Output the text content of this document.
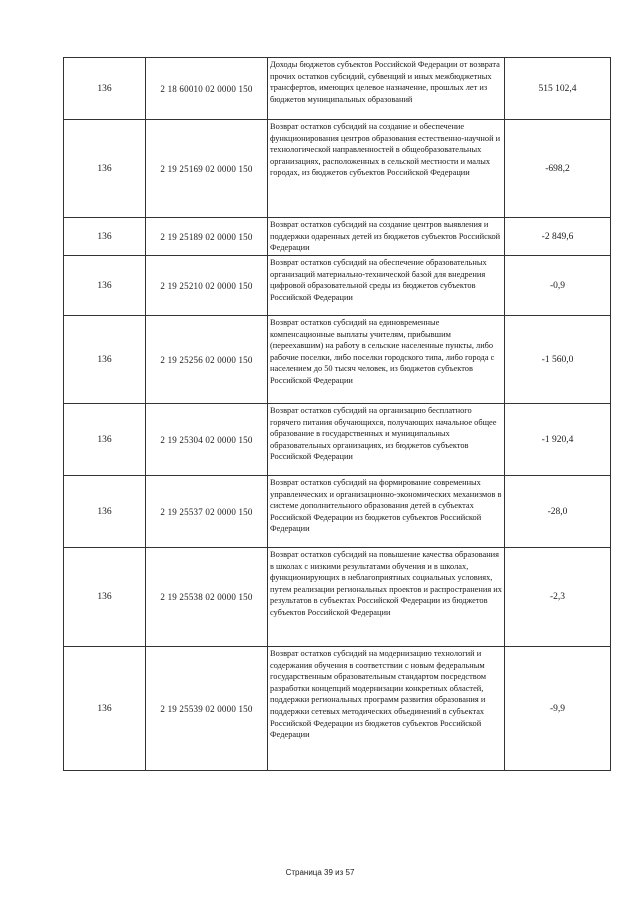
136	2 18 60010 02 0000 150	Доходы бюджетов субъектов Российской Федерации от возврата прочих остатков субсидий, субвенций и иных межбюджетных трансфертов, имеющих целевое назначение, прошлых лет из бюджетов муниципальных образований	515 102,4
136	2 19 25169 02 0000 150	Возврат остатков субсидий на создание и обеспечение функционирования центров образования естественно-научной и технологической направленностей в общеобразовательных организациях, расположенных в сельской местности и малых городах, из бюджетов субъектов Российской Федерации	-698,2
136	2 19 25189 02 0000 150	Возврат остатков субсидий на создание центров выявления и поддержки одаренных детей из бюджетов субъектов Российской Федерации	-2 849,6
136	2 19 25210 02 0000 150	Возврат остатков субсидий на обеспечение образовательных организаций материально-технической базой для внедрения цифровой образовательной среды из бюджетов субъектов Российской Федерации	-0,9
136	2 19 25256 02 0000 150	Возврат остатков субсидий на единовременные компенсационные выплаты учителям, прибывшим (переехавшим) на работу в сельские населенные пункты, либо рабочие поселки, либо поселки городского типа, либо города с населением до 50 тысяч человек, из бюджетов субъектов Российской Федерации	-1 560,0
136	2 19 25304 02 0000 150	Возврат остатков субсидий на организацию бесплатного горячего питания обучающихся, получающих начальное общее образование в государственных и муниципальных образовательных организациях, из бюджетов субъектов Российской Федерации	-1 920,4
136	2 19 25537 02 0000 150	Возврат остатков субсидий на формирование современных управленческих и организационно-экономических механизмов в системе дополнительного образования детей в субъектах Российской Федерации из бюджетов субъектов Российской Федерации	-28,0
136	2 19 25538 02 0000 150	Возврат остатков субсидий на повышение качества образования в школах с низкими результатами обучения и в школах, функционирующих в неблагоприятных социальных условиях, путем реализации региональных проектов и распространения их результатов в субъектах Российской Федерации из бюджетов субъектов Российской Федерации	-2,3
136	2 19 25539 02 0000 150	Возврат остатков субсидий на модернизацию технологий и содержания обучения в соответствии с новым федеральным государственным образовательным стандартом посредством разработки концепций модернизации конкретных областей, поддержки региональных программ развития образования и поддержки сетевых методических объединений в субъектах Российской Федерации из бюджетов субъектов Российской Федерации	-9,9
Страница 39 из 57
